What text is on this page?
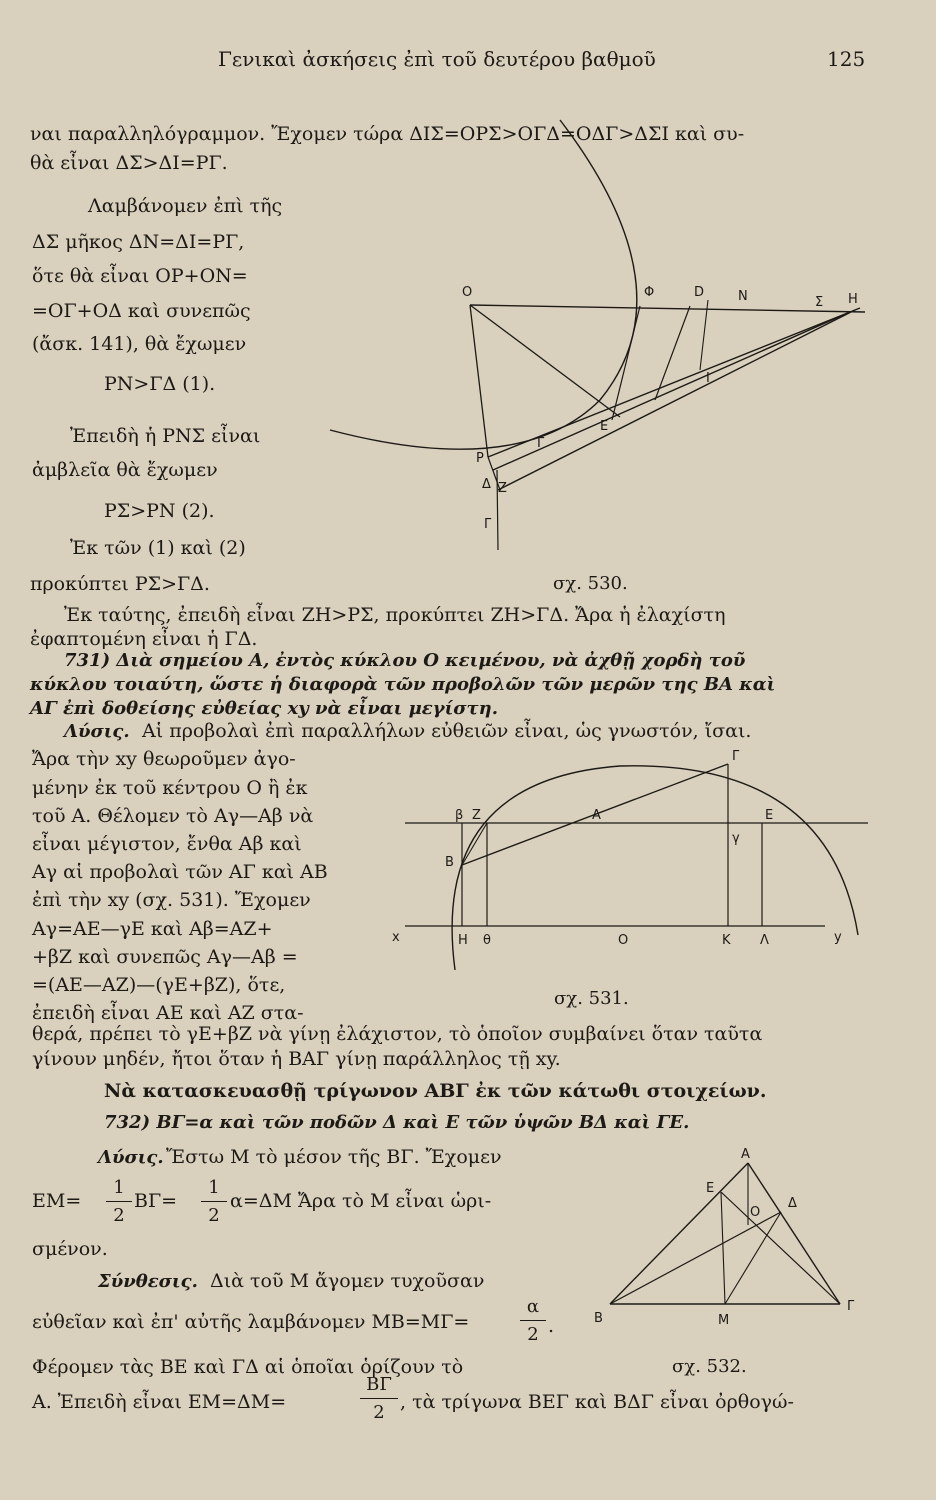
Γενικαὶ ἀσκήσεις ἐπὶ τοῦ δευτέρου βαθμοῦ	125
ναι παραλληλόγραμμον. Ἔχομεν τώρα ΔΙΣ=ΟΡΣ>ΟΓΔ=ΟΔΓ>ΔΣΙ καὶ συ-
θὰ εἶναι ΔΣ>ΔΙ=ΡΓ.
Λαμβάνομεν ἐπὶ τῆς
ΔΣ μῆκος ΔΝ=ΔΙ=ΡΓ,
ὅτε θὰ εἶναι ΟΡ+ΟΝ=
=ΟΓ+ΟΔ καὶ συνεπῶς
(ἄσκ. 141), θὰ ἔχωμεν
ΡΝ>ΓΔ (1).
Ἐπειδὴ ἡ ΡΝΣ εἶναι
ἀμβλεῖα θὰ ἔχωμεν
ΡΣ>ΡΝ (2).
Ἐκ τῶν (1) καὶ (2)
προκύπτει ΡΣ>ΓΔ.	σχ. 530.
Ἐκ ταύτης, ἐπειδὴ εἶναι ΖΗ>ΡΣ, προκύπτει ΖΗ>ΓΔ. Ἄρα ἡ ἐλαχίστη
ἐφαπτομένη εἶναι ἡ ΓΔ.
Ο	Φ	D	Ν	Σ Η
Ι
Ε
Γ
Ρ
Δ Ζ
Γ
731) Διὰ σημείου Α, ἐντὸς κύκλου Ο κειμένου, νὰ ἀχθῇ χορδὴ τοῦ
κύκλου τοιαύτη, ὥστε ἡ διαφορὰ τῶν προβολῶν τῶν μερῶν της ΒΑ καὶ
ΑΓ ἐπὶ δοθείσης εὐθείας xy νὰ εἶναι μεγίστη.
Λύσις. Αἱ προβολαὶ ἐπὶ παραλλήλων εὐθειῶν εἶναι, ὡς γνωστόν, ἴσαι.
Ἄρα τὴν xy θεωροῦμεν ἀγο-
μένην ἐκ τοῦ κέντρου Ο ἢ ἐκ
τοῦ Α. Θέλομεν τὸ Αγ—Αβ νὰ
εἶναι μέγιστον, ἔνθα Αβ καὶ
Αγ αἱ προβολαὶ τῶν ΑΓ καὶ ΑΒ
ἐπὶ τὴν xy (σχ. 531). Ἔχομεν
Αγ=ΑΕ—γΕ καὶ Αβ=ΑΖ+
+βΖ καὶ συνεπῶς Αγ—Αβ =
=(ΑΕ—ΑΖ)—(γΕ+βΖ), ὅτε,
ἐπειδὴ εἶναι ΑΕ καὶ ΑΖ στα-
σχ. 531.
θερά, πρέπει τὸ γΕ+βΖ νὰ γίνῃ ἐλάχιστον, τὸ ὁποῖον συμβαίνει ὅταν ταῦτα
γίνουν μηδέν, ἤτοι ὅταν ἡ ΒΑΓ γίνῃ παράλληλος τῇ xy.
β Ζ	Α	Ε
Γ
γ
Β
x	Η θ	Ο	Κ Λ	y
Νὰ κατασκευασθῇ τρίγωνον ΑΒΓ ἐκ τῶν κάτωθι στοιχείων.
732) ΒΓ=α καὶ τῶν ποδῶν Δ καὶ Ε τῶν ὑψῶν ΒΔ καὶ ΓΕ.
Λύσις. Ἔστω Μ τὸ μέσον τῆς ΒΓ. Ἔχομεν
ΕΜ=
1
2
ΒΓ=
1
2
α=ΔΜ Ἄρα τὸ Μ εἶναι ὡρι-
σμένον.
Σύνθεσις. Διὰ τοῦ Μ ἄγομεν τυχοῦσαν
εὐθεῖαν καὶ ἐπ' αὐτῆς λαμβάνομεν ΜΒ=ΜΓ=
α
2 .
Φέρομεν τὰς ΒΕ καὶ ΓΔ αἱ ὁποῖαι ὁρίζουν τὸ	σχ. 532.
Α. Ἐπειδὴ εἶναι ΕΜ=ΔΜ=
ΒΓ
2 , τὰ τρίγωνα ΒΕΓ καὶ ΒΔΓ εἶναι ὀρθογώ-
Α
Ε
Δ
Ο
Β	Μ
Γ
